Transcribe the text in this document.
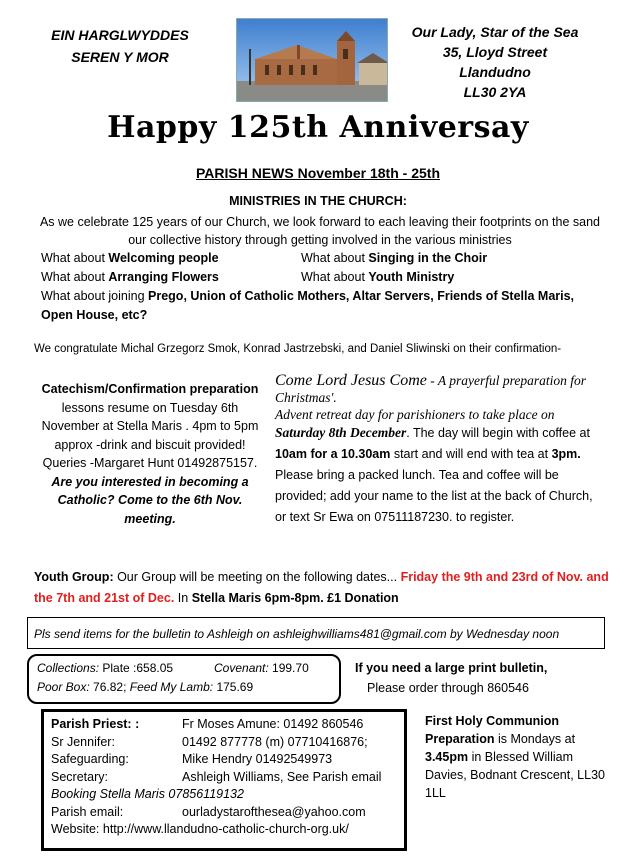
EIN HARGLWYDDES
SEREN Y MOR
Our Lady, Star of the Sea
35, Lloyd Street
Llandudno
LL30 2YA
Happy 125th Anniversay
PARISH NEWS November 18th - 25th
MINISTRIES IN THE CHURCH:
As we celebrate 125 years of our Church, we look forward to each leaving their footprints on the sand our collective history through getting involved in the various ministries
What about Welcoming people	What about Singing in the Choir
What about Arranging Flowers	What about Youth Ministry
What about joining Prego, Union of Catholic Mothers, Altar Servers, Friends of Stella Maris, Open House, etc?
We congratulate Michal Grzegorz Smok, Konrad Jastrzebski, and Daniel Sliwinski on their confirmation-
Catechism/Confirmation preparation lessons resume on Tuesday 6th November at Stella Maris . 4pm to 5pm approx -drink and biscuit provided! Queries -Margaret Hunt 01492875157. Are you interested in becoming a Catholic? Come to the 6th Nov. meeting.
Come Lord Jesus Come - A prayerful preparation for Christmas'.
Advent retreat day for parishioners to take place on Saturday 8th December. The day will begin with coffee at 10am for a 10.30am start and will end with tea at 3pm. Please bring a packed lunch. Tea and coffee will be provided; add your name to the list at the back of Church, or text Sr Ewa on 07511187230. to register.
Youth Group: Our Group will be meeting on the following dates... Friday the 9th and 23rd of Nov. and the 7th and 21st of Dec. In Stella Maris 6pm-8pm. £1 Donation
Pls send items for the bulletin to Ashleigh on ashleighwilliams481@gmail.com by Wednesday noon
Collections: Plate :658.05	Covenant: 199.70
Poor Box: 76.82; Feed My Lamb: 175.69
If you need a large print bulletin,
Please order through 860546
Parish Priest: :	Fr Moses Amune: 01492 860546
Sr Jennifer:	01492 877778 (m) 07710416876;
Safeguarding:	Mike Hendry 01492549973
Secretary:	Ashleigh Williams, See Parish email
Booking Stella Maris 07856119132
Parish email:	ourladystarofthesea@yahoo.com
Website: http://www.llandudno-catholic-church-org.uk/
First Holy Communion Preparation is Mondays at 3.45pm in Blessed William Davies, Bodnant Crescent, LL30 1LL
